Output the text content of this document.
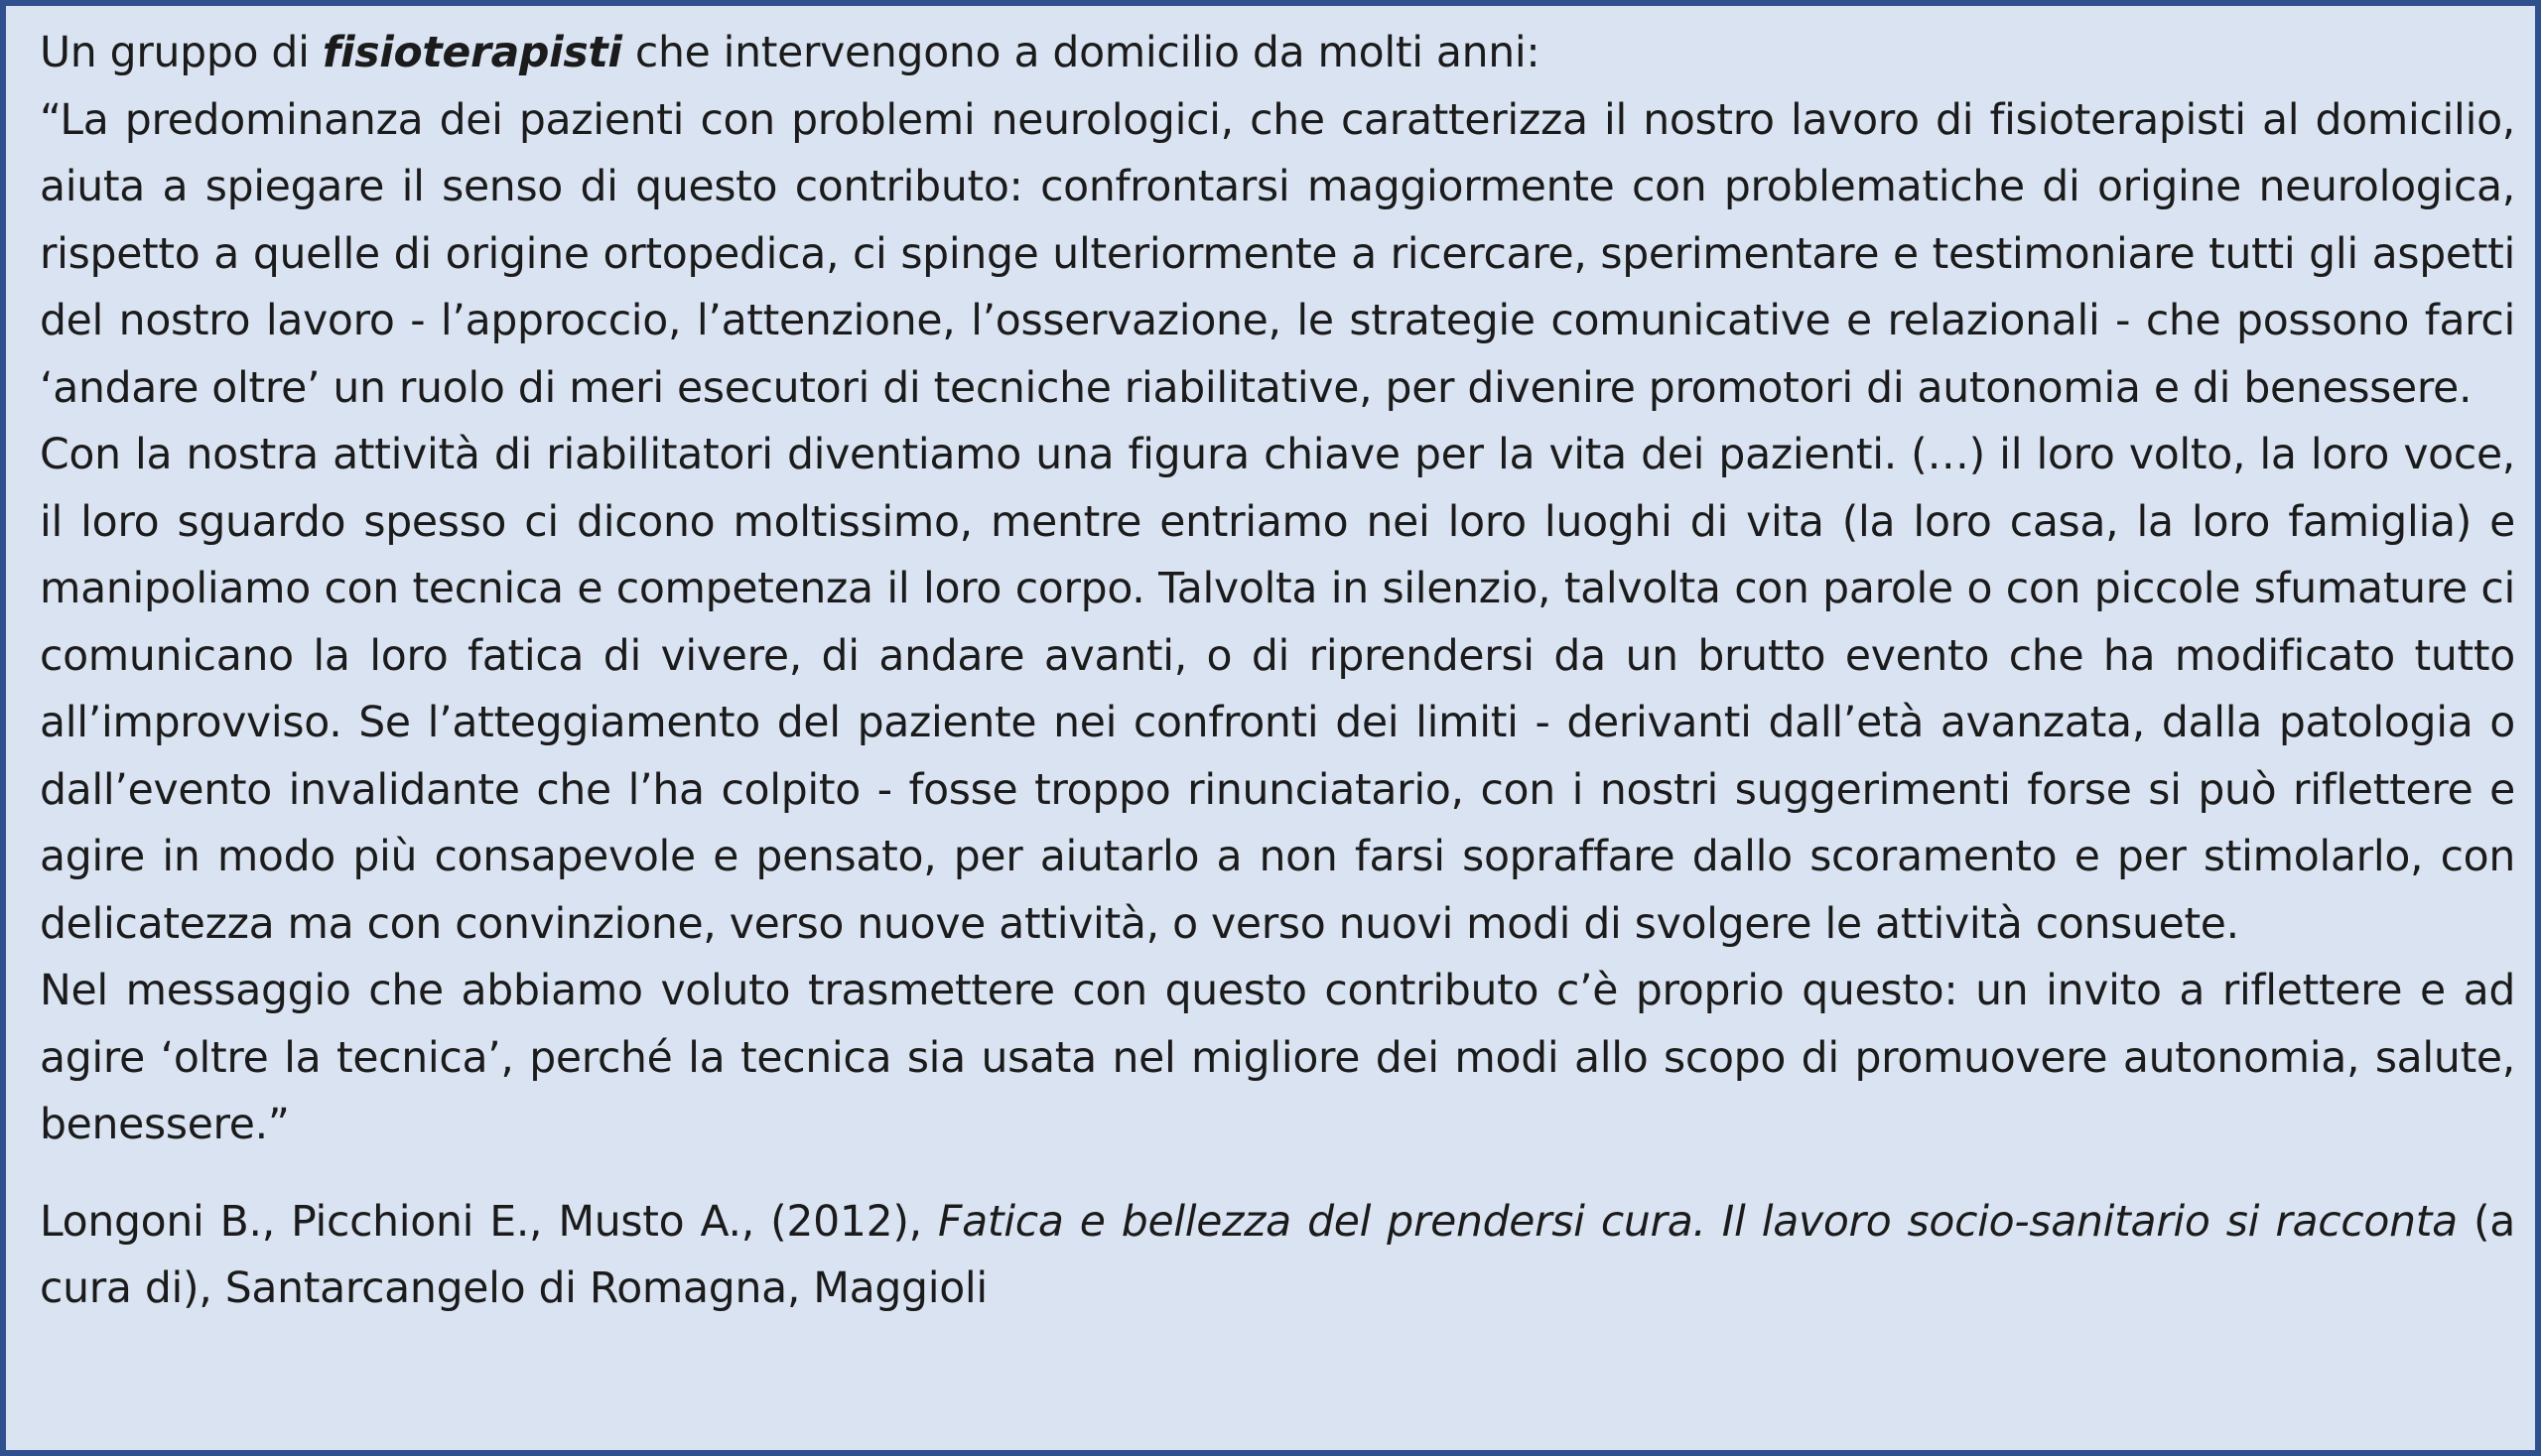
Un gruppo di fisioterapisti che intervengono a domicilio da molti anni:

“La predominanza dei pazienti con problemi neurologici, che caratterizza il nostro lavoro di fisioterapisti al domicilio, aiuta a spiegare il senso di questo contributo: confrontarsi maggiormente con problematiche di origine neurologica, rispetto a quelle di origine ortopedica, ci spinge ulteriormente a ricercare, sperimentare e testimoniare tutti gli aspetti del nostro lavoro - l’approccio, l’attenzione, l’osservazione, le strategie comunicative e relazionali - che possono farci ‘andare oltre’ un ruolo di meri esecutori di tecniche riabilitative, per divenire promotori di autonomia e di benessere.

Con la nostra attività di riabilitatori diventiamo una figura chiave per la vita dei pazienti. (…) il loro volto, la loro voce, il loro sguardo spesso ci dicono moltissimo, mentre entriamo nei loro luoghi di vita (la loro casa, la loro famiglia) e manipoliamo con tecnica e competenza il loro corpo. Talvolta in silenzio, talvolta con parole o con piccole sfumature ci comunicano la loro fatica di vivere, di andare avanti, o di riprendersi da un brutto evento che ha modificato tutto all’improvviso. Se l’atteggiamento del paziente nei confronti dei limiti - derivanti dall’età avanzata, dalla patologia o dall’evento invalidante che l’ha colpito - fosse troppo rinunciatario, con i nostri suggerimenti forse si può riflettere e agire in modo più consapevole e pensato, per aiutarlo a non farsi sopraffare dallo scoramento e per stimolarlo, con delicatezza ma con convinzione, verso nuove attività, o verso nuovi modi di svolgere le attività consuete.

Nel messaggio che abbiamo voluto trasmettere con questo contributo c’è proprio questo: un invito a riflettere e ad agire ‘oltre la tecnica’, perché la tecnica sia usata nel migliore dei modi allo scopo di promuovere autonomia, salute, benessere.”

Longoni B., Picchioni E., Musto A., (2012), Fatica e bellezza del prendersi cura. Il lavoro socio-sanitario si racconta (a cura di), Santarcangelo di Romagna, Maggioli
